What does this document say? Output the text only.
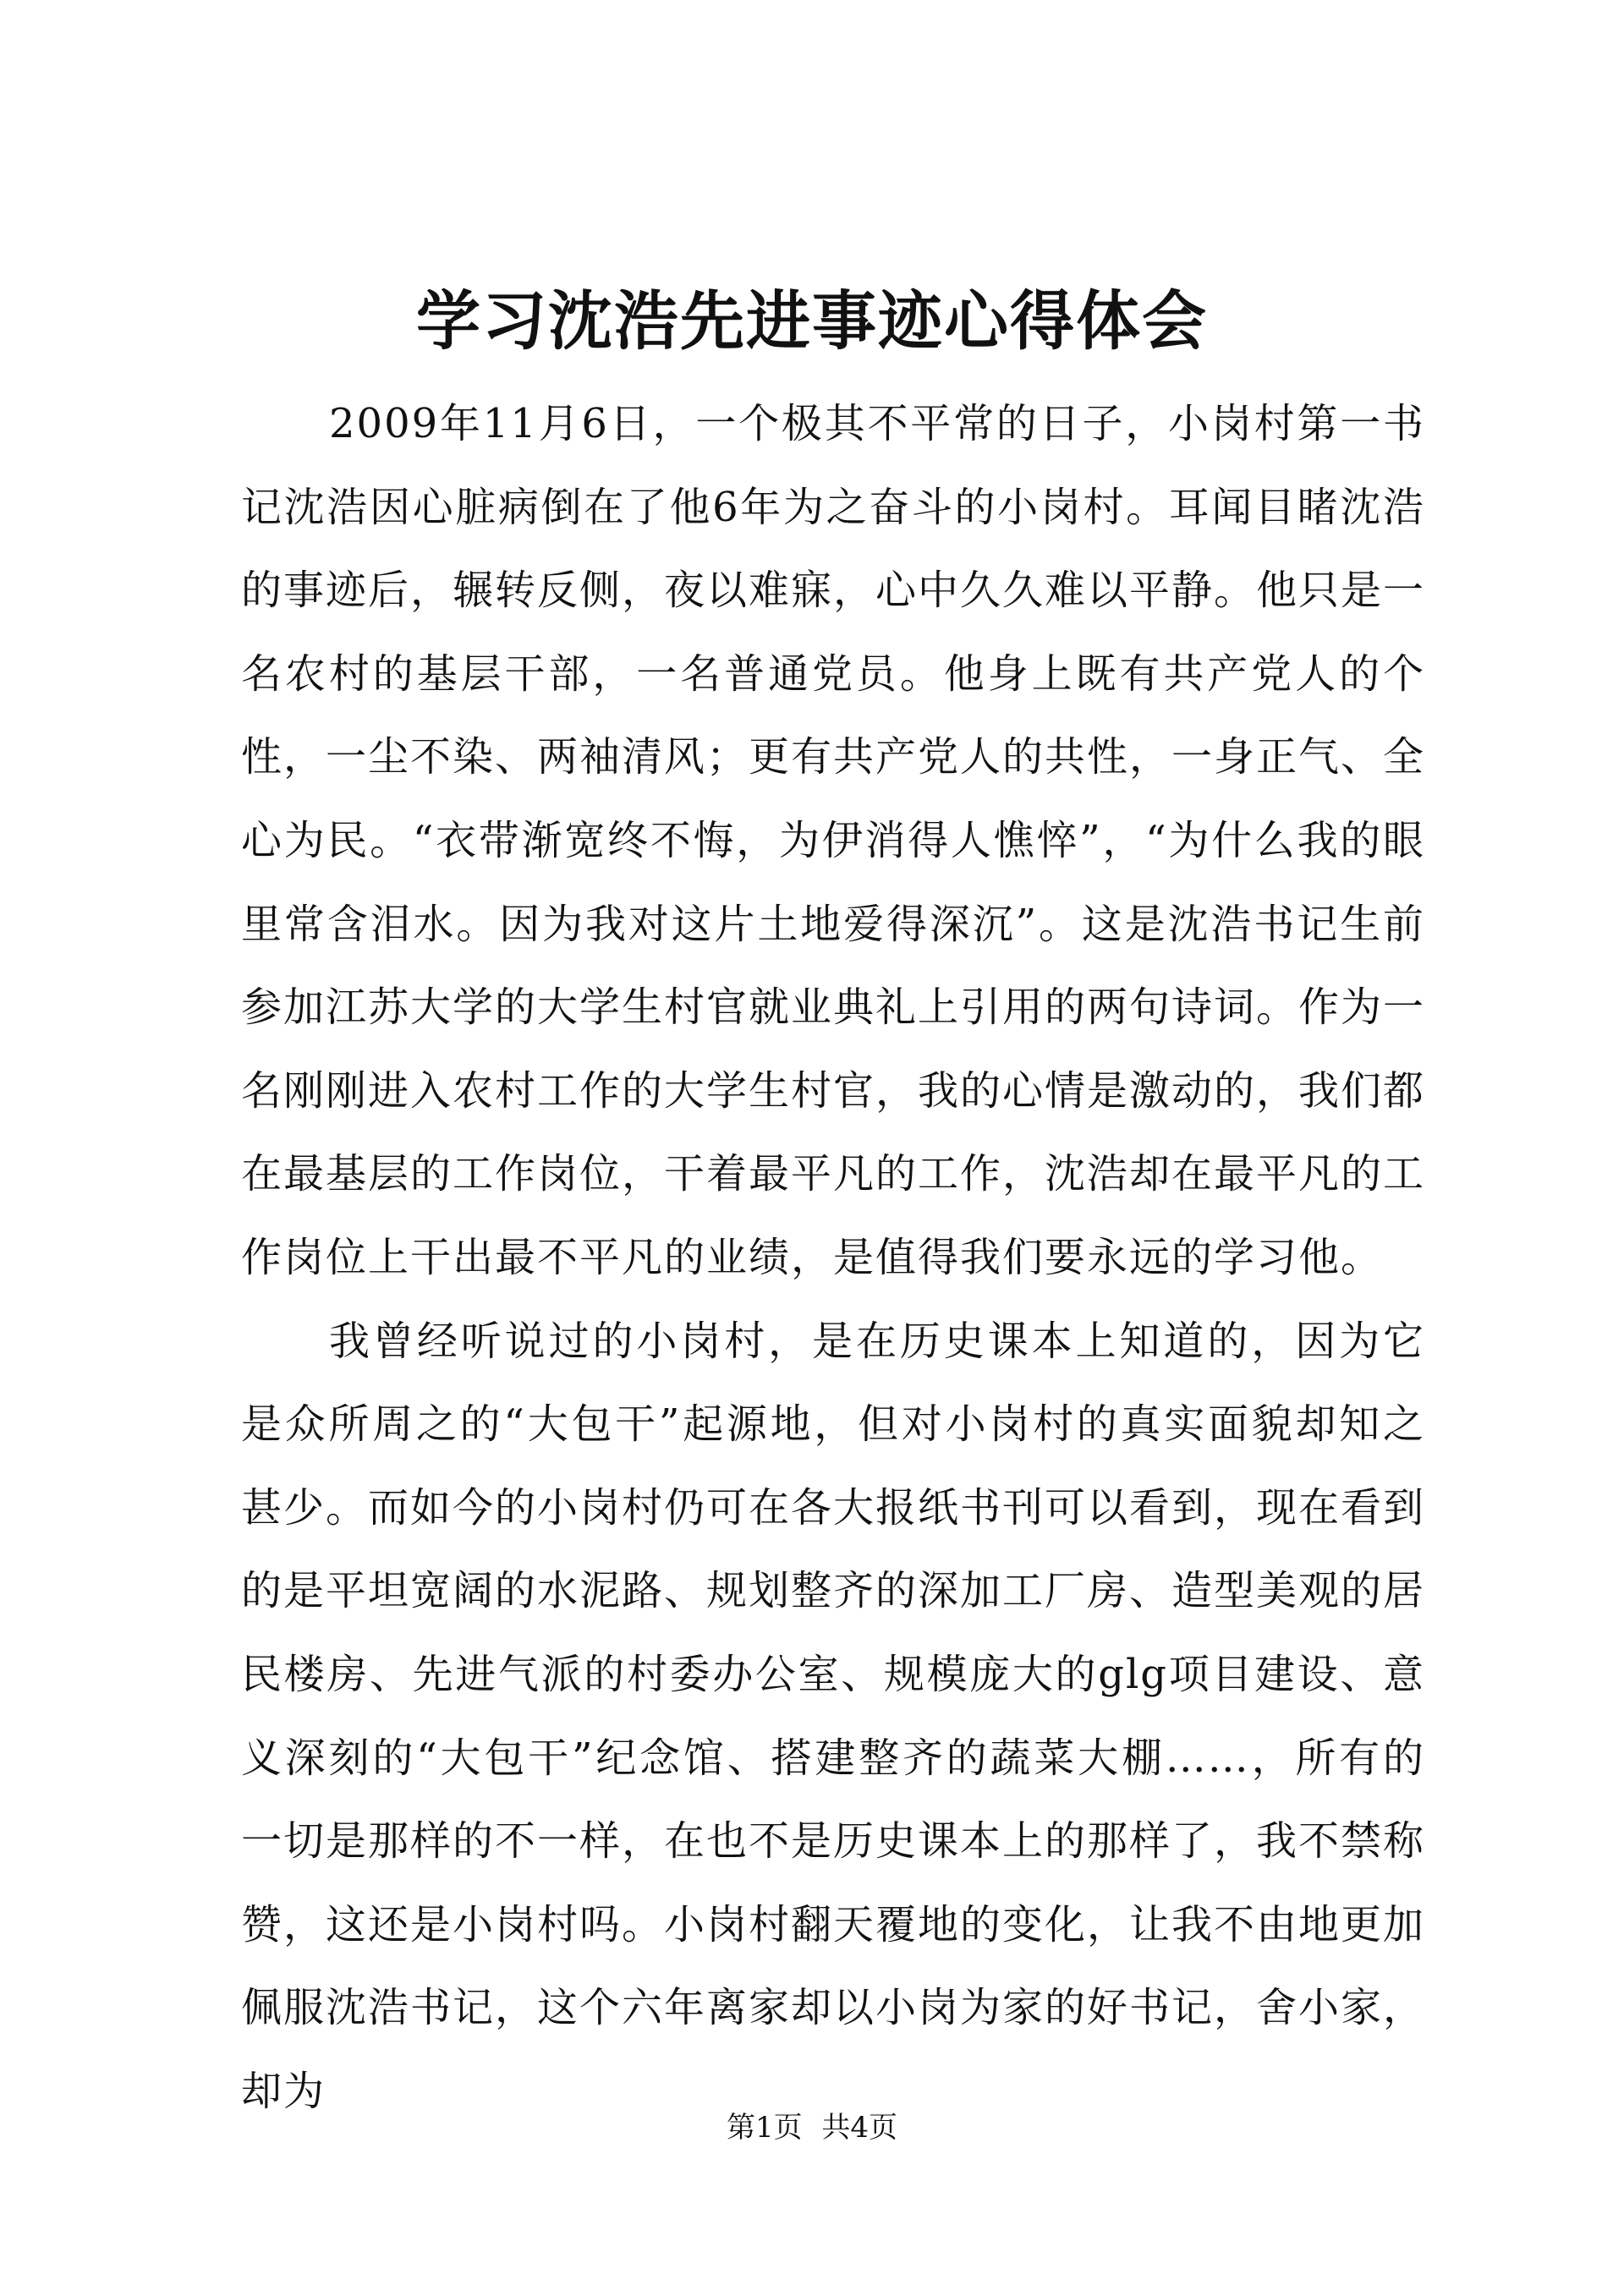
学习沈浩先进事迹心得体会

2009年11月6日，一个极其不平常的日子，小岗村第一书记沈浩因心脏病倒在了他6年为之奋斗的小岗村。耳闻目睹沈浩的事迹后，辗转反侧，夜以难寐，心中久久难以平静。他只是一名农村的基层干部，一名普通党员。他身上既有共产党人的个性，一尘不染、两袖清风；更有共产党人的共性，一身正气、全心为民。“衣带渐宽终不悔，为伊消得人憔悴”，“为什么我的眼里常含泪水。因为我对这片土地爱得深沉”。这是沈浩书记生前参加江苏大学的大学生村官就业典礼上引用的两句诗词。作为一名刚刚进入农村工作的大学生村官，我的心情是激动的，我们都在最基层的工作岗位，干着最平凡的工作，沈浩却在最平凡的工作岗位上干出最不平凡的业绩，是值得我们要永远的学习他。

我曾经听说过的小岗村，是在历史课本上知道的，因为它是众所周之的“大包干”起源地，但对小岗村的真实面貌却知之甚少。而如今的小岗村仍可在各大报纸书刊可以看到，现在看到的是平坦宽阔的水泥路、规划整齐的深加工厂房、造型美观的居民楼房、先进气派的村委办公室、规模庞大的glg项目建设、意义深刻的“大包干”纪念馆、搭建整齐的蔬菜大棚……，所有的一切是那样的不一样，在也不是历史课本上的那样了，我不禁称赞，这还是小岗村吗。小岗村翻天覆地的变化，让我不由地更加佩服沈浩书记，这个六年离家却以小岗为家的好书记，舍小家，却为

第1页 共4页
